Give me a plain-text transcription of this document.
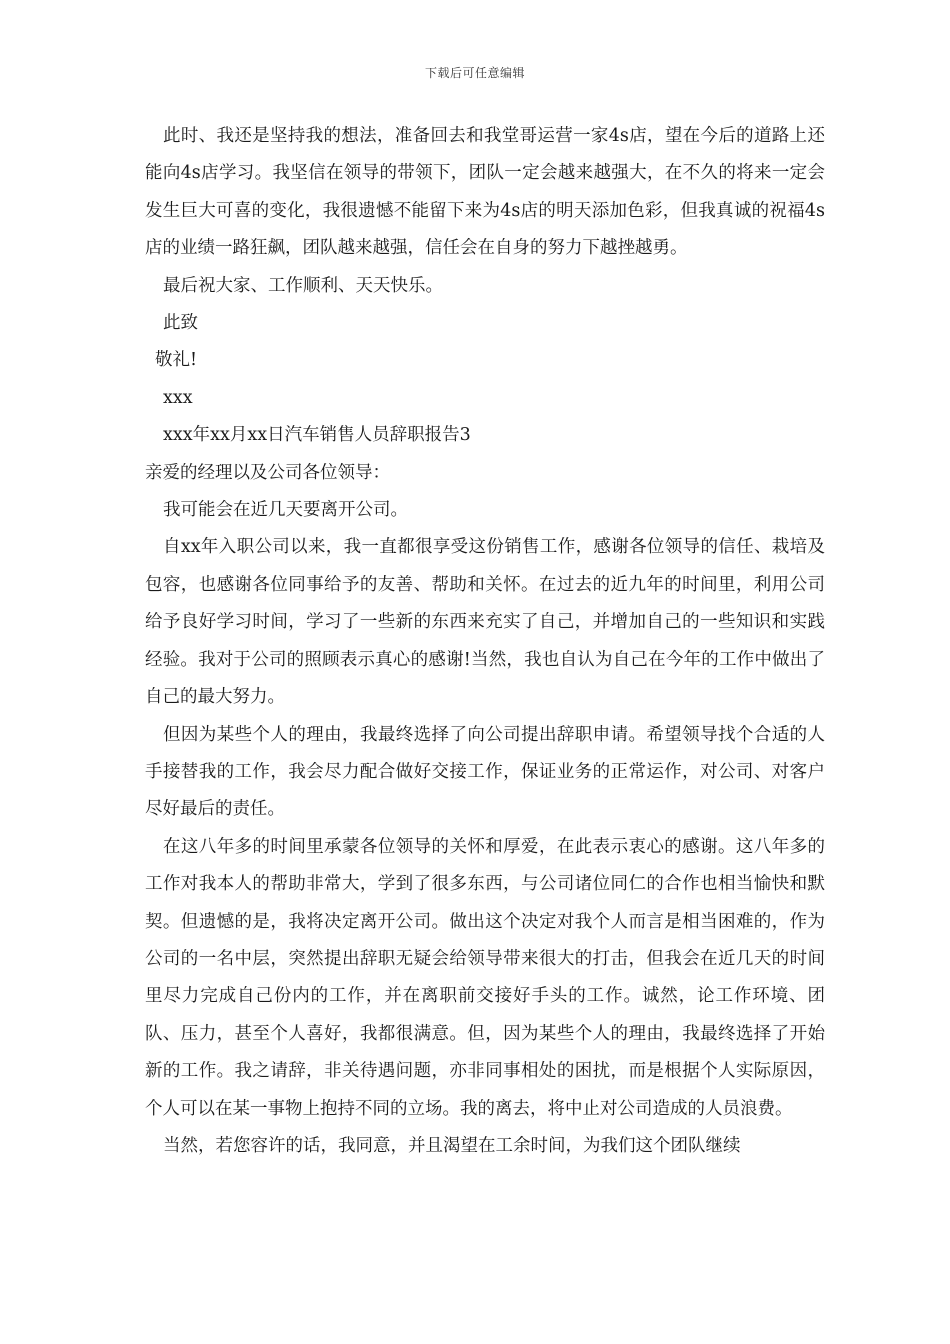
下载后可任意编辑

此时、我还是坚持我的想法，准备回去和我堂哥运营一家4s店，望在今后的道路上还能向4s店学习。我坚信在领导的带领下，团队一定会越来越强大，在不久的将来一定会发生巨大可喜的变化，我很遗憾不能留下来为4s店的明天添加色彩，但我真诚的祝福4s店的业绩一路狂飙，团队越来越强，信任会在自身的努力下越挫越勇。

最后祝大家、工作顺利、天天快乐。

此致

敬礼!

xxx

xxx年xx月xx日汽车销售人员辞职报告3

亲爱的经理以及公司各位领导：

我可能会在近几天要离开公司。

自xx年入职公司以来，我一直都很享受这份销售工作，感谢各位领导的信任、栽培及包容，也感谢各位同事给予的友善、帮助和关怀。在过去的近九年的时间里，利用公司给予良好学习时间，学习了一些新的东西来充实了自己，并增加自己的一些知识和实践经验。我对于公司的照顾表示真心的感谢!当然，我也自认为自己在今年的工作中做出了自己的最大努力。

但因为某些个人的理由，我最终选择了向公司提出辞职申请。希望领导找个合适的人手接替我的工作，我会尽力配合做好交接工作，保证业务的正常运作，对公司、对客户尽好最后的责任。

在这八年多的时间里承蒙各位领导的关怀和厚爱，在此表示衷心的感谢。这八年多的工作对我本人的帮助非常大，学到了很多东西，与公司诸位同仁的合作也相当愉快和默契。但遗憾的是，我将决定离开公司。做出这个决定对我个人而言是相当困难的，作为公司的一名中层，突然提出辞职无疑会给领导带来很大的打击，但我会在近几天的时间里尽力完成自己份内的工作，并在离职前交接好手头的工作。诚然，论工作环境、团队、压力，甚至个人喜好，我都很满意。但，因为某些个人的理由，我最终选择了开始新的工作。我之请辞，非关待遇问题，亦非同事相处的困扰，而是根据个人实际原因，个人可以在某一事物上抱持不同的立场。我的离去，将中止对公司造成的人员浪费。

当然，若您容许的话，我同意，并且渴望在工余时间，为我们这个团队继续
